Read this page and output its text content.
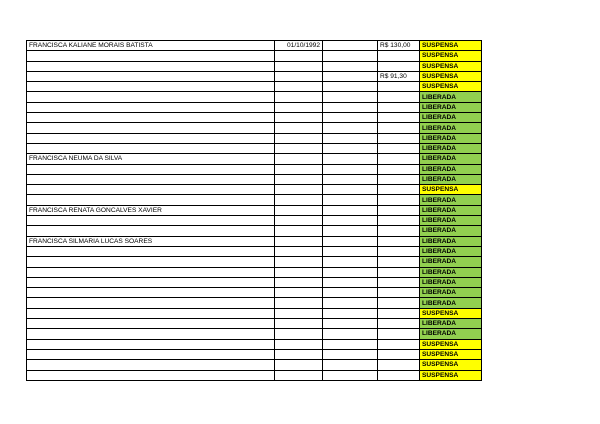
FRANCISCA KALIANE MORAIS BATISTA	01/10/1992		R$ 130,00	SUSPENSA
				SUSPENSA
				SUSPENSA
			R$ 91,30	SUSPENSA
				SUSPENSA
				LIBERADA
				LIBERADA
				LIBERADA
				LIBERADA
				LIBERADA
				LIBERADA
FRANCISCA NEUMA DA SILVA				LIBERADA
				LIBERADA
				LIBERADA
				SUSPENSA
				LIBERADA
FRANCISCA RENATA GONCALVES XAVIER				LIBERADA
				LIBERADA
				LIBERADA
FRANCISCA SILMARIA LUCAS SOARES				LIBERADA
				LIBERADA
				LIBERADA
				LIBERADA
				LIBERADA
				LIBERADA
				LIBERADA
				SUSPENSA
				LIBERADA
				LIBERADA
				SUSPENSA
				SUSPENSA
				SUSPENSA
				SUSPENSA
